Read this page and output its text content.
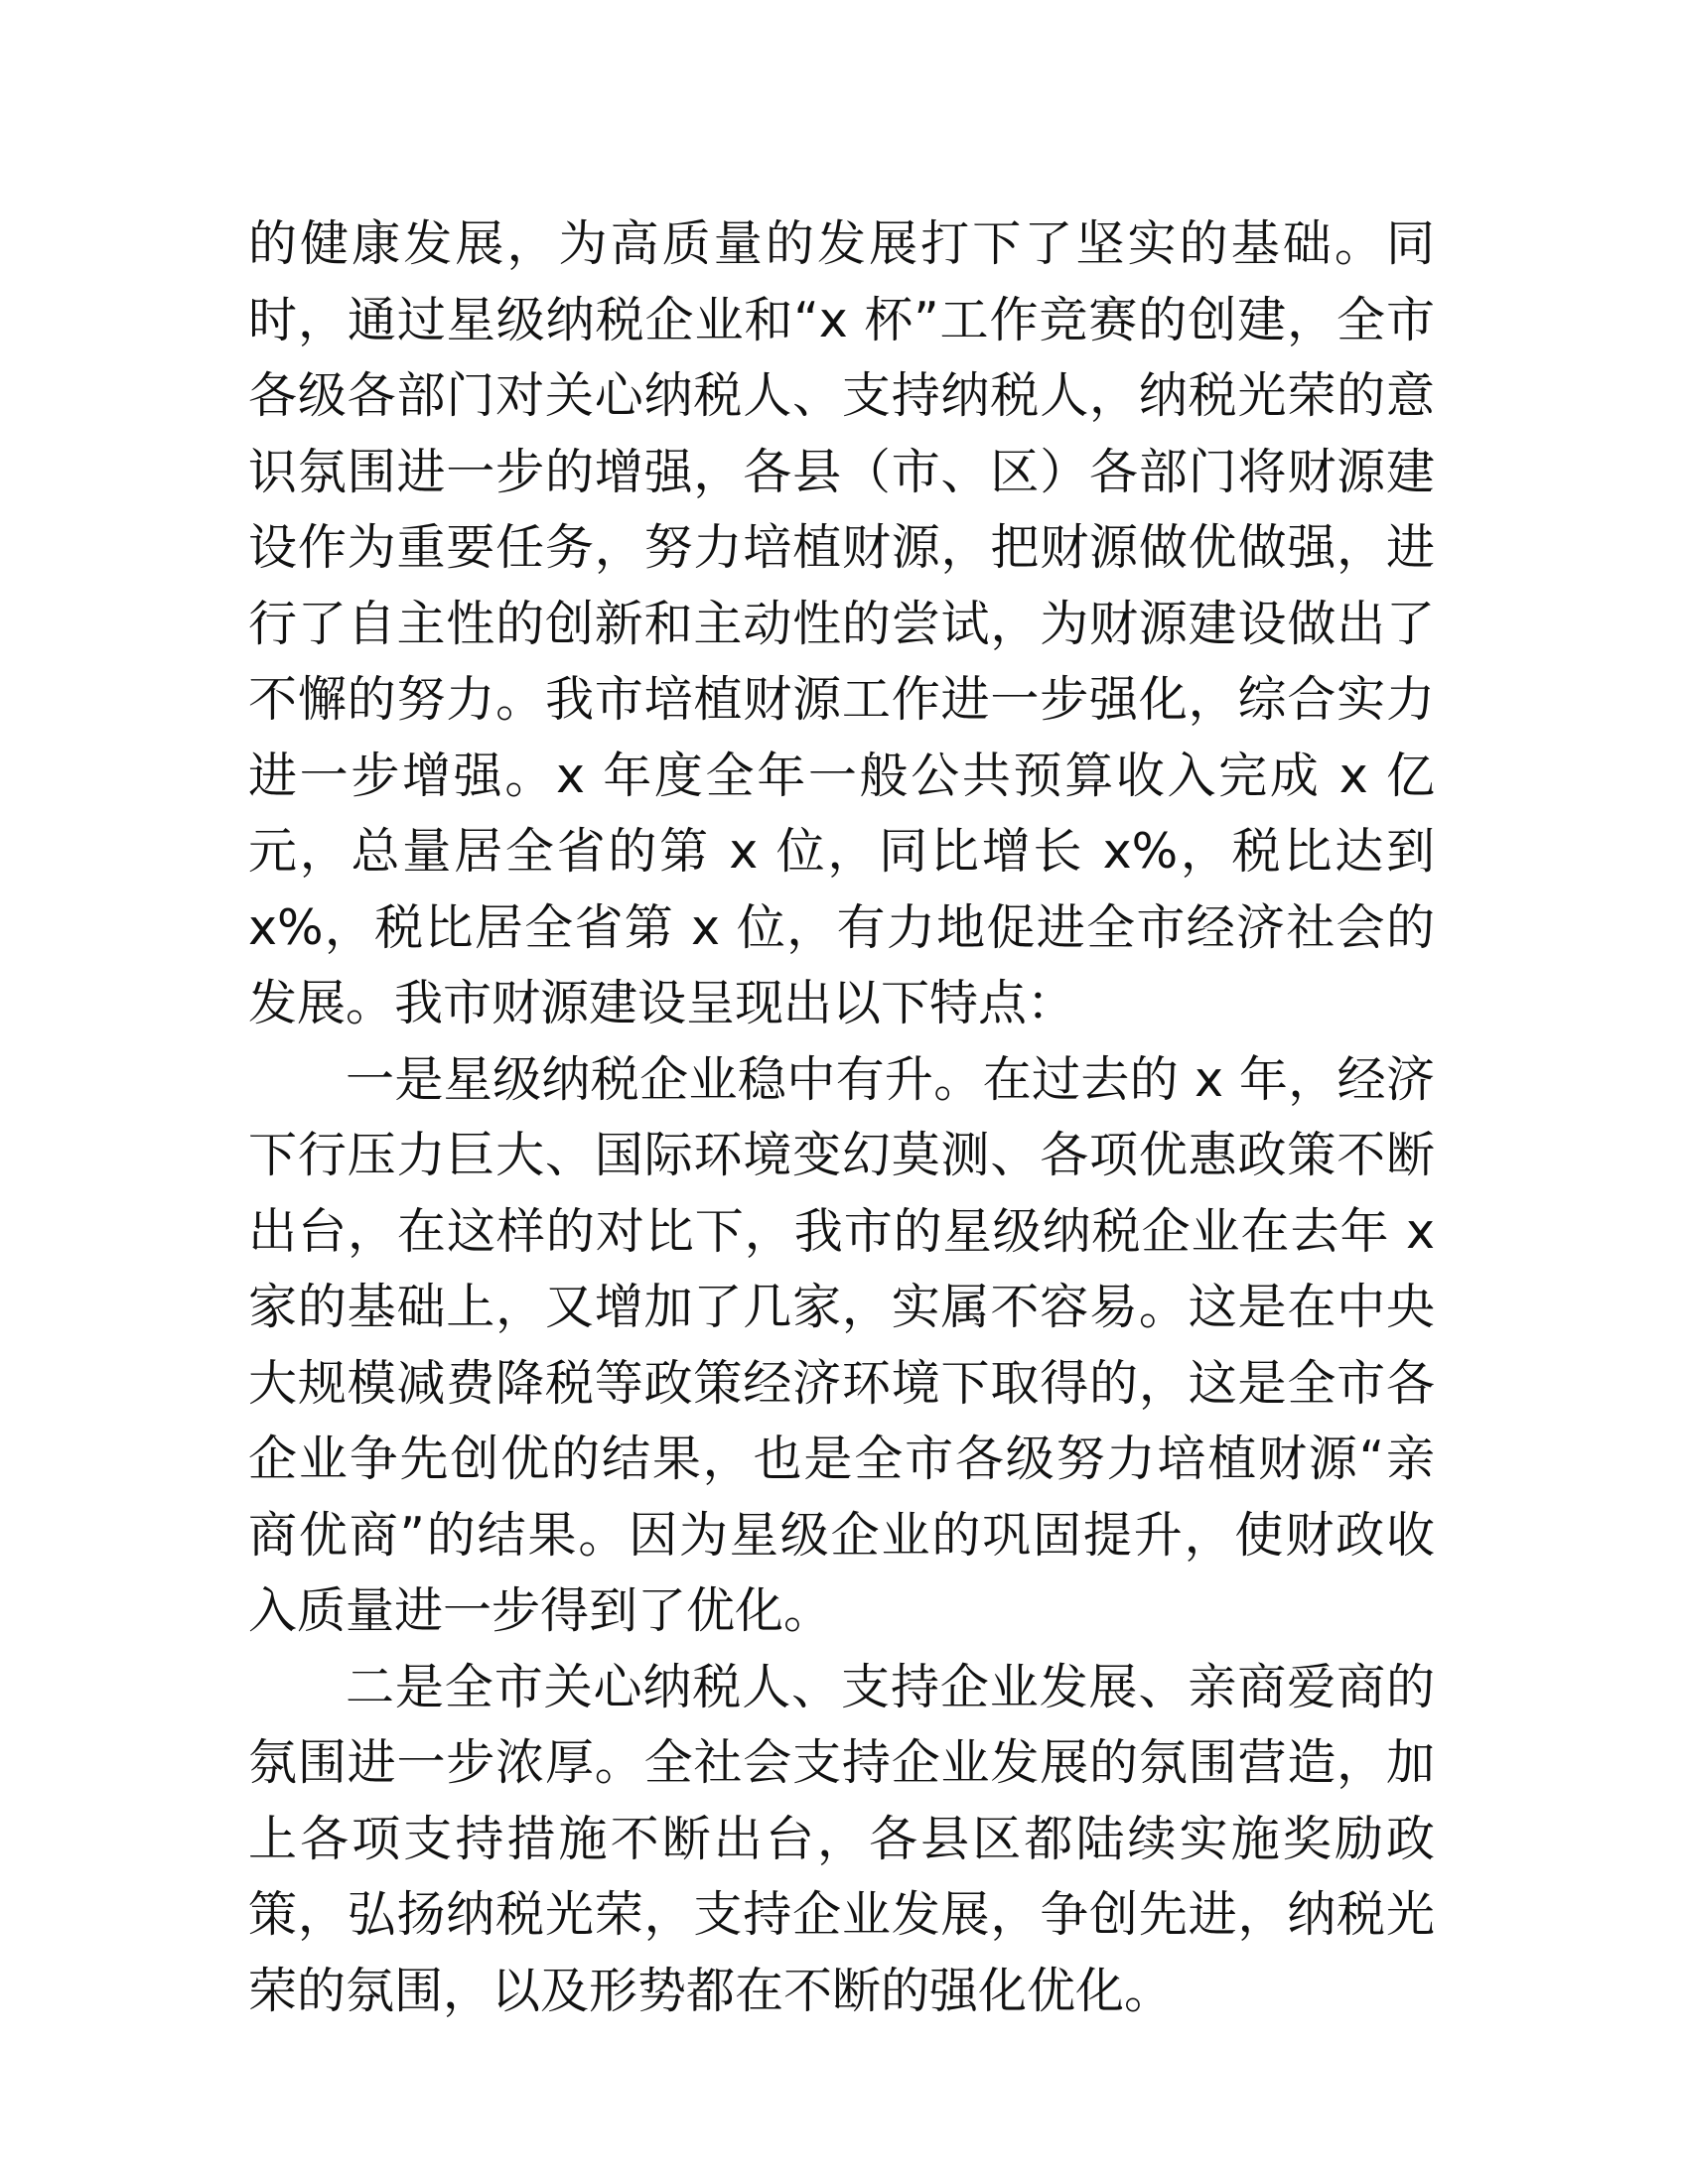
的健康发展，为高质量的发展打下了坚实的基础。同时，通过星级纳税企业和“x 杯”工作竞赛的创建，全市各级各部门对关心纳税人、支持纳税人，纳税光荣的意识氛围进一步的增强，各县（市、区）各部门将财源建设作为重要任务，努力培植财源，把财源做优做强，进行了自主性的创新和主动性的尝试，为财源建设做出了不懈的努力。我市培植财源工作进一步强化，综合实力进一步增强。x 年度全年一般公共预算收入完成 x 亿元，总量居全省的第 x 位，同比增长 x%，税比达到 x%，税比居全省第 x 位，有力地促进全市经济社会的发展。我市财源建设呈现出以下特点：

一是星级纳税企业稳中有升。在过去的 x 年，经济下行压力巨大、国际环境变幻莫测、各项优惠政策不断出台，在这样的对比下，我市的星级纳税企业在去年 x 家的基础上，又增加了几家，实属不容易。这是在中央大规模减费降税等政策经济环境下取得的，这是全市各企业争先创优的结果，也是全市各级努力培植财源“亲商优商”的结果。因为星级企业的巩固提升，使财政收入质量进一步得到了优化。

二是全市关心纳税人、支持企业发展、亲商爱商的氛围进一步浓厚。全社会支持企业发展的氛围营造，加上各项支持措施不断出台，各县区都陆续实施奖励政策，弘扬纳税光荣，支持企业发展，争创先进，纳税光荣的氛围，以及形势都在不断的强化优化。
